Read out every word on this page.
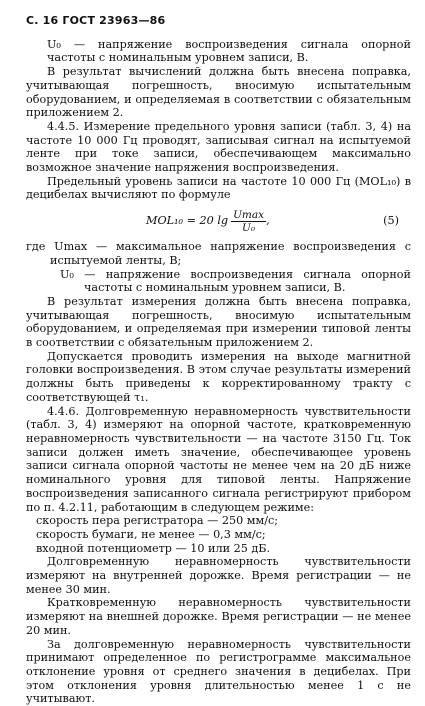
С. 16 ГОСТ 23963—86

U₀ — напряжение воспроизведения сигнала опорной частоты с номинальным уровнем записи, В.

В результат вычислений должна быть внесена поправка, учитывающая погрешность, вносимую испытательным оборудованием, и определяемая в соответствии с обязательным приложением 2.

4.4.5. Измерение предельного уровня записи (табл. 3, 4) на частоте 10 000 Гц проводят, записывая сигнал на испытуемой ленте при токе записи, обеспечивающем максимально возможное значение напряжения воспроизведения.

Предельный уровень записи на частоте 10 000 Гц (MOL₁₀) в децибелах вычисляют по формуле

MOL₁₀
= 20 $\lg \frac{Umax}{\text{U₀}}$ ,	(5)

где Umax — максимальное напряжение воспроизведения с испытуемой ленты, В;

U₀ — напряжение воспроизведения сигнала опорной частоты с номинальным уровнем записи, В.

В результат измерения должна быть внесена поправка, учитывающая погрешность, вносимую испытательным оборудованием, и определяемая при измерении типовой ленты в соответствии с обязательным приложением 2.

Допускается проводить измерения на выходе магнитной головки воспроизведения. В этом случае результаты измерений должны быть приведены к корректированному тракту с соответствующей τ₁.

4.4.6. Долговременную неравномерность чувствительности (табл. 3, 4) измеряют на опорной частоте, кратковременную неравномерность чувствительности — на частоте 3150 Гц. Ток записи должен иметь значение, обеспечивающее уровень записи сигнала опорной частоты не менее чем на 20 дБ ниже номинального уровня для типовой ленты. Напряжение воспроизведения записанного сигнала регистрируют прибором по п. 4.2.11, работающим в следующем режиме:

скорость пера регистратора — 250 мм/с;

скорость бумаги, не менее — 0,3 мм/с;

входной потенциометр — 10 или 25 дБ.

Долговременную неравномерность чувствительности измеряют на внутренней дорожке. Время регистрации — не менее 30 мин.

Кратковременную неравномерность чувствительности измеряют на внешней дорожке. Время регистрации — не менее 20 мин.

За долговременную неравномерность чувствительности принимают определенное по регистрограмме максимальное отклонение уровня от среднего значения в децибелах. При этом отклонения уровня длительностью менее 1 с не учитывают.
